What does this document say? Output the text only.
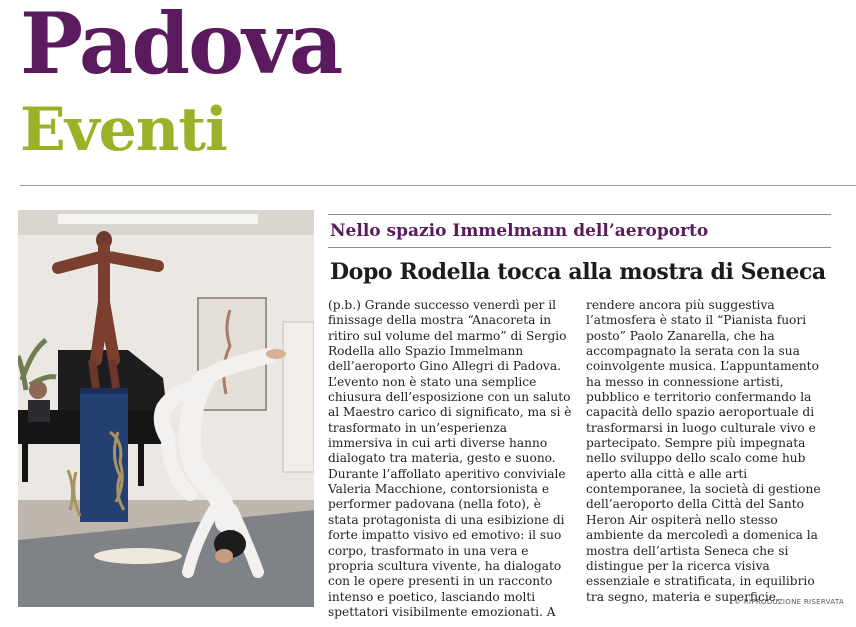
Padova
Eventi
Nello spazio Immelmann dell’aeroporto
Dopo Rodella tocca alla mostra di Seneca
(p.b.) Grande successo venerdì per il
finissage della mostra “Anacoreta in
ritiro sul volume del marmo” di Sergio
Rodella allo Spazio Immelmann
dell’aeroporto Gino Allegri di Padova.
L’evento non è stato una semplice
chiusura dell’esposizione con un saluto
al Maestro carico di significato, ma si è
trasformato in un’esperienza
immersiva in cui arti diverse hanno
dialogato tra materia, gesto e suono.
Durante l’affollato aperitivo conviviale
Valeria Macchione, contorsionista e
performer padovana (nella foto), è
stata protagonista di una esibizione di
forte impatto visivo ed emotivo: il suo
corpo, trasformato in una vera e
propria scultura vivente, ha dialogato
con le opere presenti in un racconto
intenso e poetico, lasciando molti
spettatori visibilmente emozionati. A
rendere ancora più suggestiva
l’atmosfera è stato il “Pianista fuori
posto” Paolo Zanarella, che ha
accompagnato la serata con la sua
coinvolgente musica. L’appuntamento
ha messo in connessione artisti,
pubblico e territorio confermando la
capacità dello spazio aeroportuale di
trasformarsi in luogo culturale vivo e
partecipato. Sempre più impegnata
nello sviluppo dello scalo come hub
aperto alla città e alle arti
contemporanee, la società di gestione
dell’aeroporto della Città del Santo
Heron Air ospiterà nello stesso
ambiente da mercoledì a domenica la
mostra dell’artista Seneca che si
distingue per la ricerca visiva
essenziale e stratificata, in equilibrio
tra segno, materia e superficie.
© RIPRODUZIONE RISERVATA
